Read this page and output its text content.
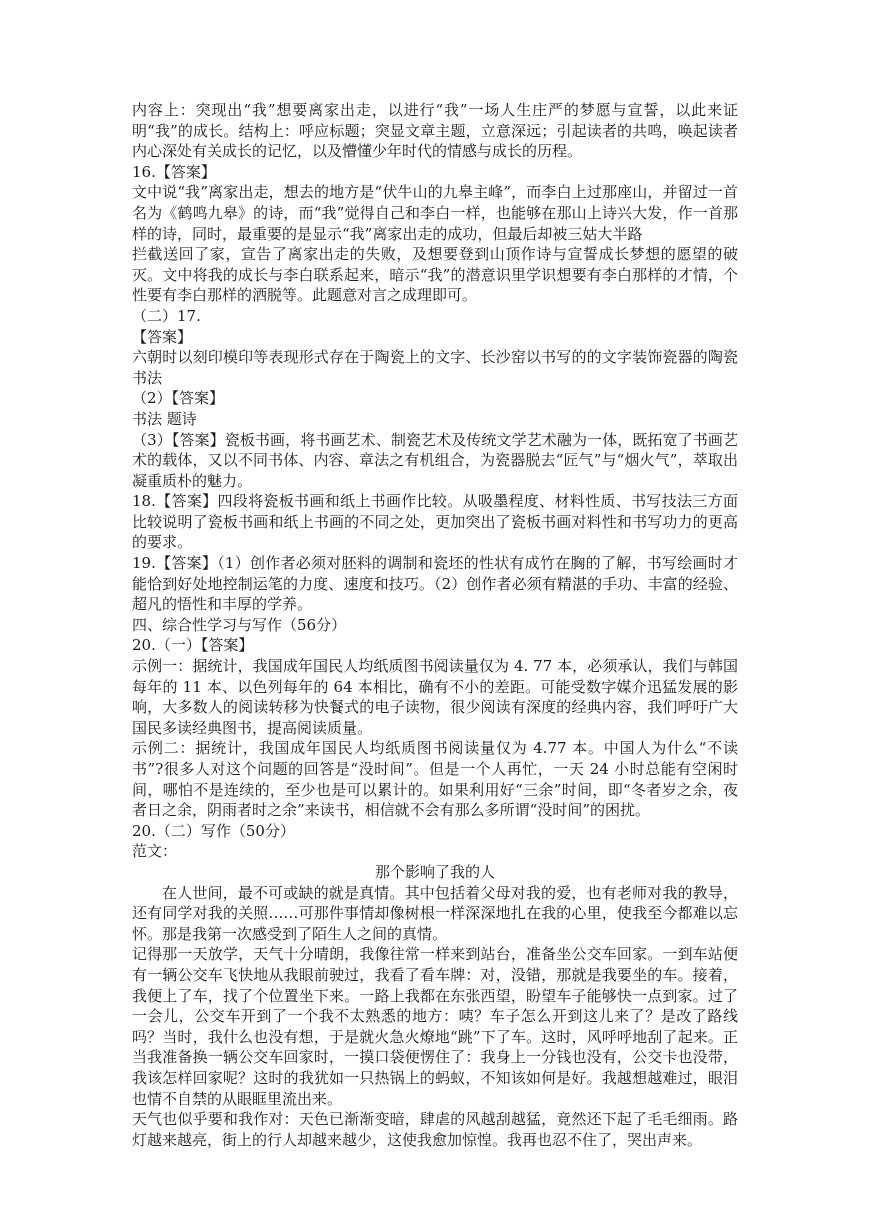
内容上：突现出“我”想要离家出走，以进行“我”一场人生庄严的梦愿与宣誓，以此来证明“我”的成长。结构上：呼应标题；突显文章主题，立意深远；引起读者的共鸣，唤起读者内心深处有关成长的记忆，以及懵懂少年时代的情感与成长的历程。

16.【答案】

文中说“我”离家出走，想去的地方是“伏牛山的九皋主峰”，而李白上过那座山，并留过一首名为《鹤鸣九皋》的诗，而“我”觉得自己和李白一样，也能够在那山上诗兴大发，作一首那样的诗，同时，最重要的是显示“我”离家出走的成功，但最后却被三姑大半路

拦截送回了家，宣告了离家出走的失败，及想要登到山顶作诗与宣誓成长梦想的愿望的破灭。文中将我的成长与李白联系起来，暗示“我”的潜意识里学识想要有李白那样的才情，个性要有李白那样的洒脱等。此题意对言之成理即可。

（二）17.

【答案】

六朝时以刻印模印等表现形式存在于陶瓷上的文字、长沙窑以书写的的文字装饰瓷器的陶瓷书法

（2）【答案】

书法 题诗

（3）【答案】瓷板书画，将书画艺术、制瓷艺术及传统文学艺术融为一体，既拓宽了书画艺术的载体，又以不同书体、内容、章法之有机组合，为瓷器脱去“匠气”与“烟火气”，萃取出凝重质朴的魅力。

18.【答案】四段将瓷板书画和纸上书画作比较。从吸墨程度、材料性质、书写技法三方面比较说明了瓷板书画和纸上书画的不同之处，更加突出了瓷板书画对料性和书写功力的更高的要求。

19.【答案】（1）创作者必须对胚料的调制和瓷坯的性状有成竹在胸的了解，书写绘画时才能恰到好处地控制运笔的力度、速度和技巧。（2）创作者必须有精湛的手功、丰富的经验、超凡的悟性和丰厚的学养。

四、综合性学习与写作（56分）

20.（一）【答案】

示例一：据统计，我国成年国民人均纸质图书阅读量仅为 4. 77 本，必须承认，我们与韩国每年的 11 本、以色列每年的 64 本相比，确有不小的差距。可能受数字媒介迅猛发展的影响，大多数人的阅读转移为快餐式的电子读物，很少阅读有深度的经典内容，我们呼吁广大国民多读经典图书，提高阅读质量。

示例二：据统计，我国成年国民人均纸质图书阅读量仅为 4.77 本。中国人为什么“不读书”?很多人对这个问题的回答是“没时间”。但是一个人再忙，一天 24 小时总能有空闲时间，哪怕不是连续的，至少也是可以累计的。如果利用好“三余”时间，即“冬者岁之余，夜者日之余，阴雨者时之余”来读书，相信就不会有那么多所谓“没时间”的困扰。

20.（二）写作（50分）

范文：

那个影响了我的人

在人世间，最不可或缺的就是真情。其中包括着父母对我的爱，也有老师对我的教导，还有同学对我的关照……可那件事情却像树根一样深深地扎在我的心里，使我至今都难以忘怀。那是我第一次感受到了陌生人之间的真情。

记得那一天放学，天气十分晴朗，我像往常一样来到站台，准备坐公交车回家。一到车站便有一辆公交车飞快地从我眼前驶过，我看了看车牌：对，没错，那就是我要坐的车。接着，我便上了车，找了个位置坐下来。一路上我都在东张西望，盼望车子能够快一点到家。过了一会儿，公交车开到了一个我不太熟悉的地方：咦？车子怎么开到这儿来了？是改了路线吗？当时，我什么也没有想，于是就火急火燎地“跳”下了车。这时，风呼呼地刮了起来。正当我准备换一辆公交车回家时，一摸口袋便愣住了：我身上一分钱也没有，公交卡也没带，我该怎样回家呢？这时的我犹如一只热锅上的蚂蚁，不知该如何是好。我越想越难过，眼泪也情不自禁的从眼眶里流出来。

天气也似乎要和我作对：天色已渐渐变暗，肆虐的风越刮越猛，竟然还下起了毛毛细雨。路灯越来越亮，街上的行人却越来越少，这使我愈加惊惶。我再也忍不住了，哭出声来。
